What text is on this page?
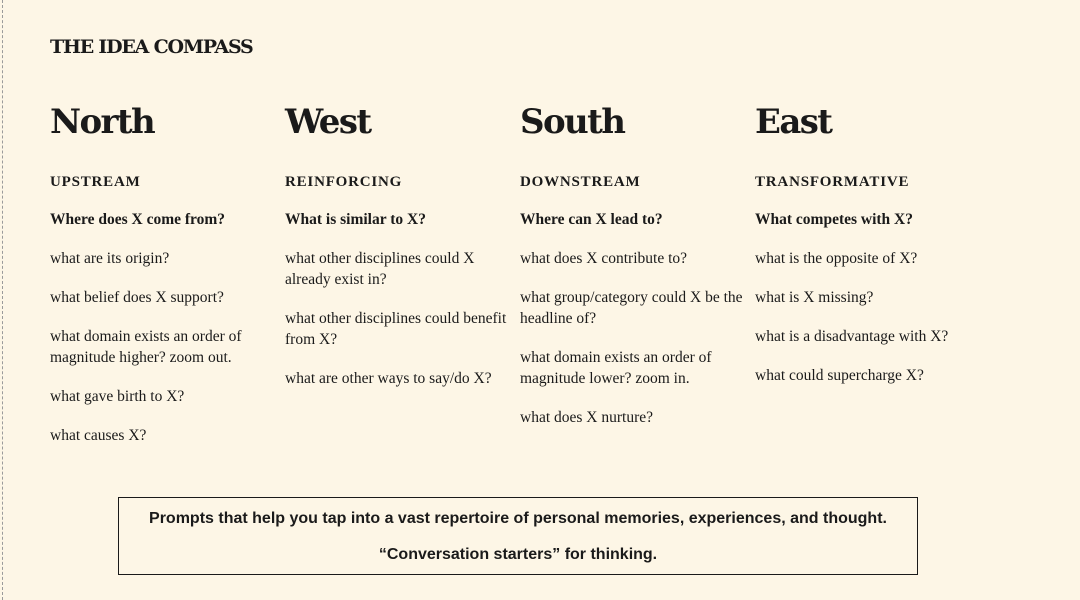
THE IDEA COMPASS
North
UPSTREAM
Where does X come from?
what are its origin?
what belief does X support?
what domain exists an order of magnitude higher? zoom out.
what gave birth to X?
what causes X?
West
REINFORCING
What is similar to X?
what other disciplines could X already exist in?
what other disciplines could benefit from X?
what are other ways to say/do X?
South
DOWNSTREAM
Where can X lead to?
what does X contribute to?
what group/category could X be the headline of?
what domain exists an order of magnitude lower? zoom in.
what does X nurture?
East
TRANSFORMATIVE
What competes with X?
what is the opposite of X?
what is X missing?
what is a disadvantage with X?
what could supercharge X?
Prompts that help you tap into a vast repertoire of personal memories, experiences, and thought.
“Conversation starters” for thinking.
